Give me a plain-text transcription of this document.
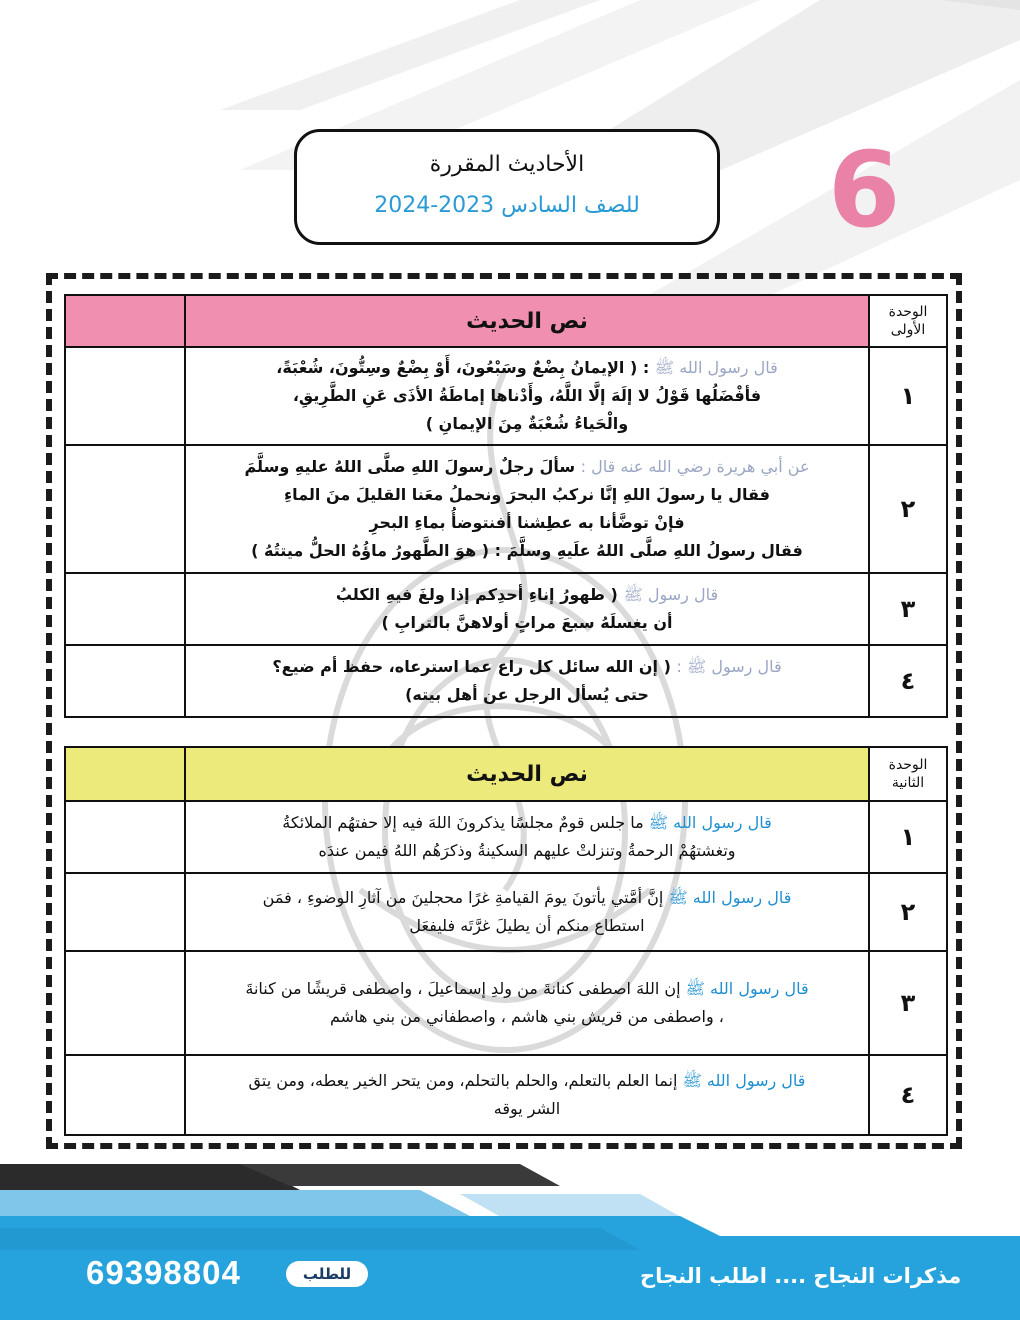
6
الأحاديث المقررة
للصف السادس 2023-2024
الوحدة
الأولى	نص الحديث	
١	قال رسول الله ﷺ : ( الإيمانُ بِضْعٌ وسَبْعُونَ، أَوْ بِضْعٌ وسِتُّونَ، شُعْبَةً،
فأفْضَلُها قَوْلُ لا إلَهَ إلَّا اللَّهُ، وأَدْناها إماطَةُ الأذَى عَنِ الطَّرِيقِ،
والْحَياءُ شُعْبَةٌ مِنَ الإيمانِ )	

٢	عن أبي هريرة رضي الله عنه قال : سألَ رجلٌ رسولَ اللهِ صلَّى اللهُ عليهِ وسلَّمَ
فقال يا رسولَ اللهِ إنَّا نركبُ البحرَ ونحملُ معَنا القليلَ منَ الماءِ
فإنْ توضَّأنا به عطِشنا أفنتوضأُ بماءِ البحرِ
فقال رسولُ اللهِ صلَّى اللهُ علَيهِ وسلَّمَ : ( هوَ الطَّهورُ ماؤُهُ الحلُّ ميتتُهُ )	

٣	قال رسول ﷺ ( طهورُ إناءِ أحدِكم إذا ولغَ فيهِ الكلبُ
أن يغسلَهُ سبعَ مراتٍ أولاهنَّ بالترابِ )	

٤	قال رسول ﷺ : ( إن الله سائل كل راع عما استرعاه، حفظ أم ضيع؟
حتى يُسأل الرجل عن أهل بيته)	

الوحدة
الثانية	نص الحديث	
١	قال رسول الله ﷺ ما جلس قومٌ مجلسًا يذكرونَ اللهَ فيه إلا حفتهُم الملائكةُ
وتغشتهُمْ الرحمةُ وتنزلتْ عليهم السكينةُ وذكرَهُم اللهُ فيمن عندَه	

٢	قال رسول الله ﷺ إنَّ أمَّتي يأتونَ يومَ القيامةِ غرًا محجلينَ من آثارِ الوضوءِ ، فمَن
استطاع منكم أن يطيلَ غرَّتَه فليفعَل	

٣	قال رسول الله ﷺ إن اللهَ اصطفى كنانةَ من ولدِ إسماعيلَ ، واصطفى قريشًا من كنانةَ
، واصطفى من قريش بني هاشم ، واصطفاني من بني هاشم	

٤	قال رسول الله ﷺ إنما العلم بالتعلم، والحلم بالتحلم، ومن يتحر الخير يعطه، ومن يتق
الشر يوقه	

للطلب
69398804	مذكرات النجاح .... اطلب النجاح
